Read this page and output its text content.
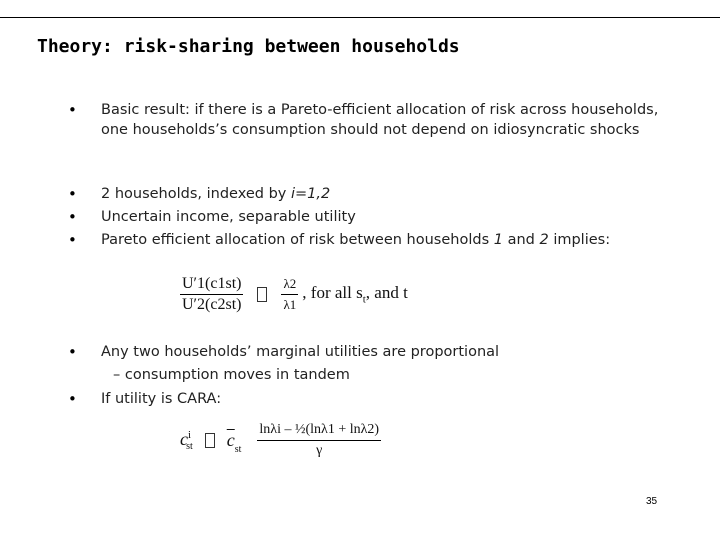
Theory: risk-sharing between households
• Basic result: if there is a Pareto-efficient allocation of risk across households, one households’s consumption should not depend on idiosyncratic shocks
• 2 households, indexed by i=1,2
• Uncertain income, separable utility
• Pareto efficient allocation of risk between households 1 and 2 implies:
$\frac{U'1(c1st)}{U'2(c2st)}$
	$\frac{\lambda 2}{\lambda 1}$ , for all $s_t$, and t
• Any two households’ marginal utilities are proportional
– consumption moves in tandem
• If utility is CARA:
$c^i_{st}$ $\overline{c}_{st} \frac{\text{lnλi – ½(lnλ1 + lnλ2)}}{\gamma}$
35
